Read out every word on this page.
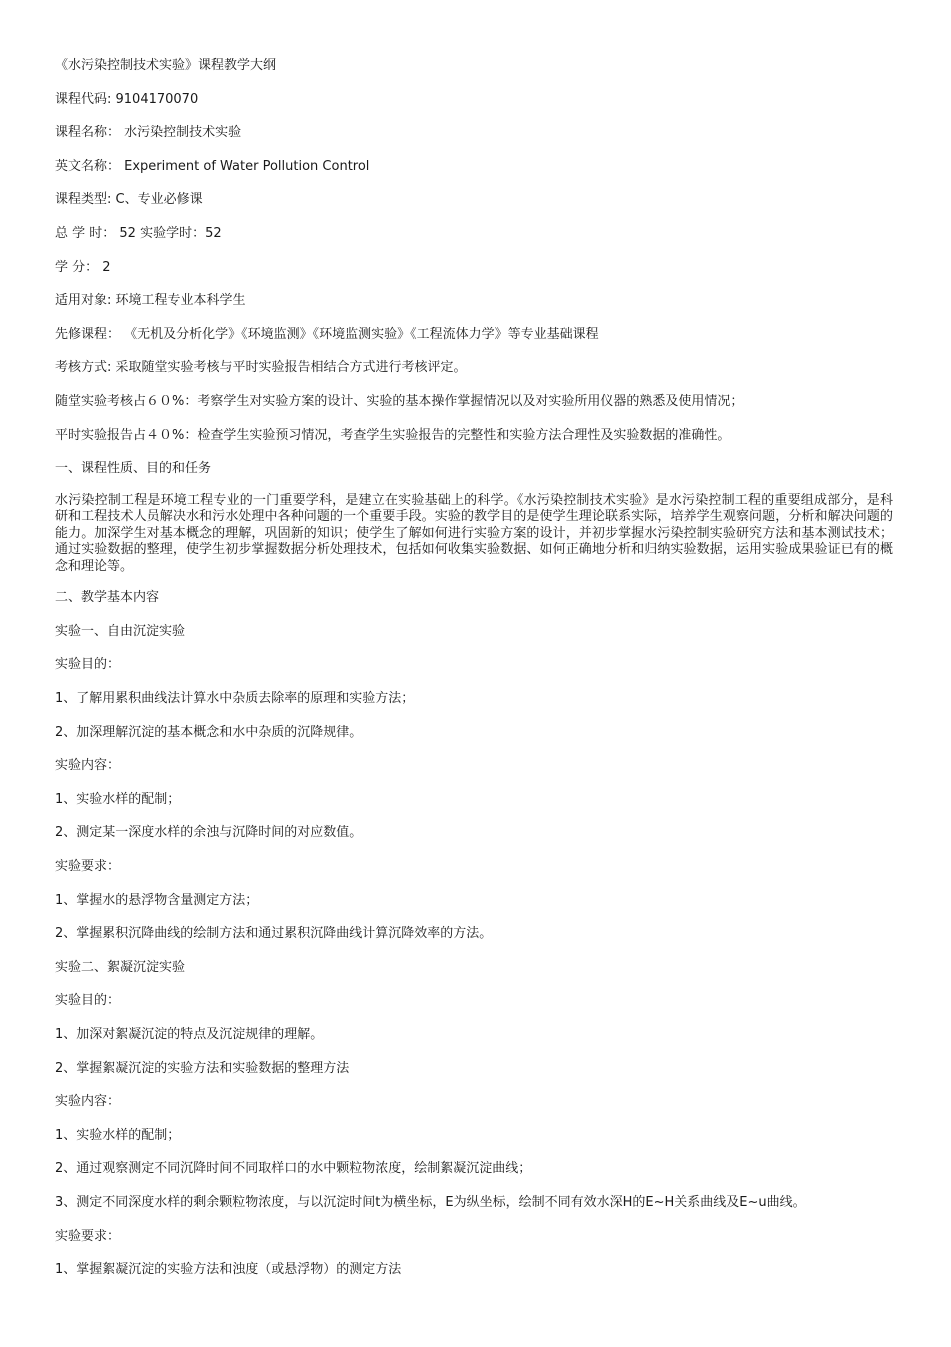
《水污染控制技术实验》课程教学大纲
课程代码: 9104170070
课程名称： 水污染控制技术实验
英文名称： Experiment of Water Pollution Control
课程类型: C、专业必修课
总 学 时： 52 实验学时：52
学 分： 2
适用对象: 环境工程专业本科学生
先修课程： 《无机及分析化学》《环境监测》《环境监测实验》《工程流体力学》等专业基础课程
考核方式: 采取随堂实验考核与平时实验报告相结合方式进行考核评定。
随堂实验考核占６０%：考察学生对实验方案的设计、实验的基本操作掌握情况以及对实验所用仪器的熟悉及使用情况；
平时实验报告占４０%：检查学生实验预习情况，考查学生实验报告的完整性和实验方法合理性及实验数据的准确性。
一、课程性质、目的和任务
水污染控制工程是环境工程专业的一门重要学科，是建立在实验基础上的科学。《水污染控制技术实验》是水污染控制工程的重要组成部分，是科研和工程技术人员解决水和污水处理中各种问题的一个重要手段。实验的教学目的是使学生理论联系实际，培养学生观察问题，分析和解决问题的能力。加深学生对基本概念的理解，巩固新的知识；使学生了解如何进行实验方案的设计，并初步掌握水污染控制实验研究方法和基本测试技术；通过实验数据的整理，使学生初步掌握数据分析处理技术，包括如何收集实验数据、如何正确地分析和归纳实验数据，运用实验成果验证已有的概念和理论等。
二、教学基本内容
实验一、自由沉淀实验
实验目的：
1、了解用累积曲线法计算水中杂质去除率的原理和实验方法；
2、加深理解沉淀的基本概念和水中杂质的沉降规律。
实验内容：
1、实验水样的配制；
2、测定某一深度水样的余浊与沉降时间的对应数值。
实验要求：
1、掌握水的悬浮物含量测定方法；
2、掌握累积沉降曲线的绘制方法和通过累积沉降曲线计算沉降效率的方法。
实验二、絮凝沉淀实验
实验目的：
1、加深对絮凝沉淀的特点及沉淀规律的理解。
2、掌握絮凝沉淀的实验方法和实验数据的整理方法
实验内容：
1、实验水样的配制；
2、通过观察测定不同沉降时间不同取样口的水中颗粒物浓度，绘制絮凝沉淀曲线；
3、测定不同深度水样的剩余颗粒物浓度，与以沉淀时间t为横坐标，E为纵坐标，绘制不同有效水深H的E~H关系曲线及E~u曲线。
实验要求：
1、掌握絮凝沉淀的实验方法和浊度（或悬浮物）的测定方法
